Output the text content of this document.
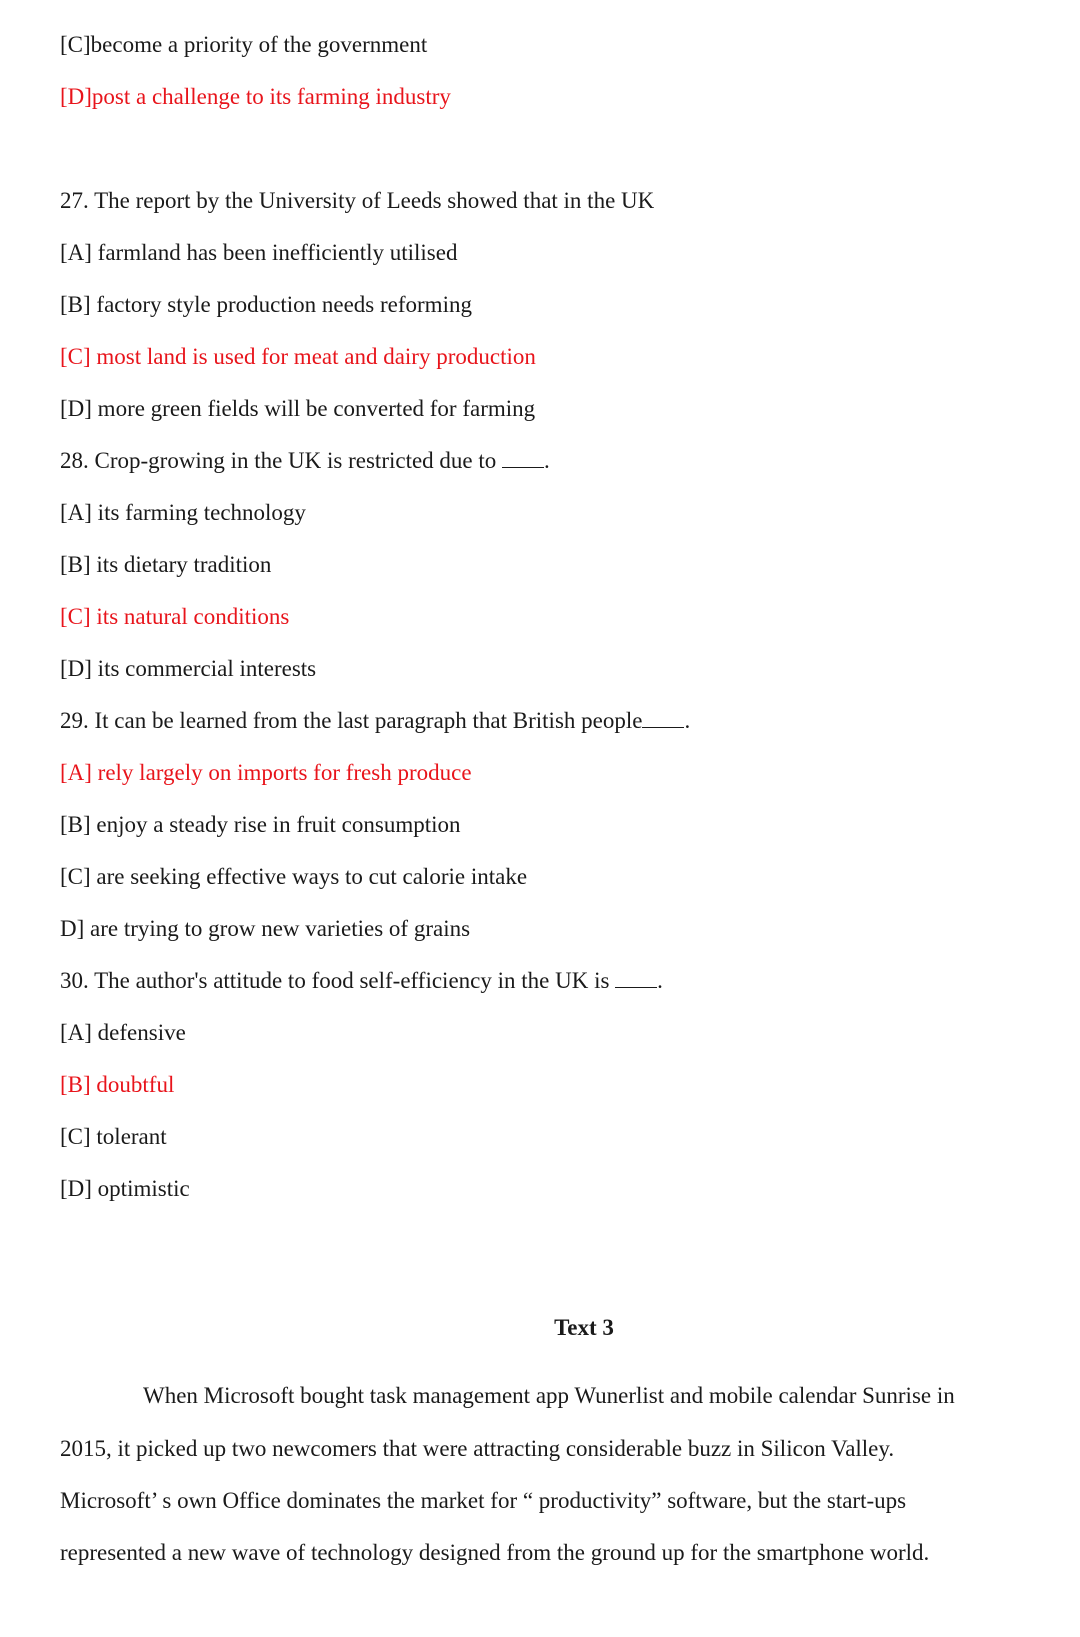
[C]become a priority of the government
[D]post a challenge to its farming industry
27. The report by the University of Leeds showed that in the UK
[A] farmland has been inefficiently utilised
[B] factory style production needs reforming
[C] most land is used for meat and dairy production
[D] more green fields will be converted for farming
28. Crop-growing in the UK is restricted due to .
[A] its farming technology
[B] its dietary tradition
[C] its natural conditions
[D] its commercial interests
29. It can be learned from the last paragraph that British people .
[A] rely largely on imports for fresh produce
[B] enjoy a steady rise in fruit consumption
[C] are seeking effective ways to cut calorie intake
D] are trying to grow new varieties of grains
30. The author's attitude to food self-efficiency in the UK is .
[A] defensive
[B] doubtful
[C] tolerant
[D] optimistic
Text 3
When Microsoft bought task management app Wunerlist and mobile calendar Sunrise in
2015, it picked up two newcomers that were attracting considerable buzz in Silicon Valley.
Microsoft’ s own Office dominates the market for “ productivity” software, but the start-ups
represented a new wave of technology designed from the ground up for the smartphone world.
